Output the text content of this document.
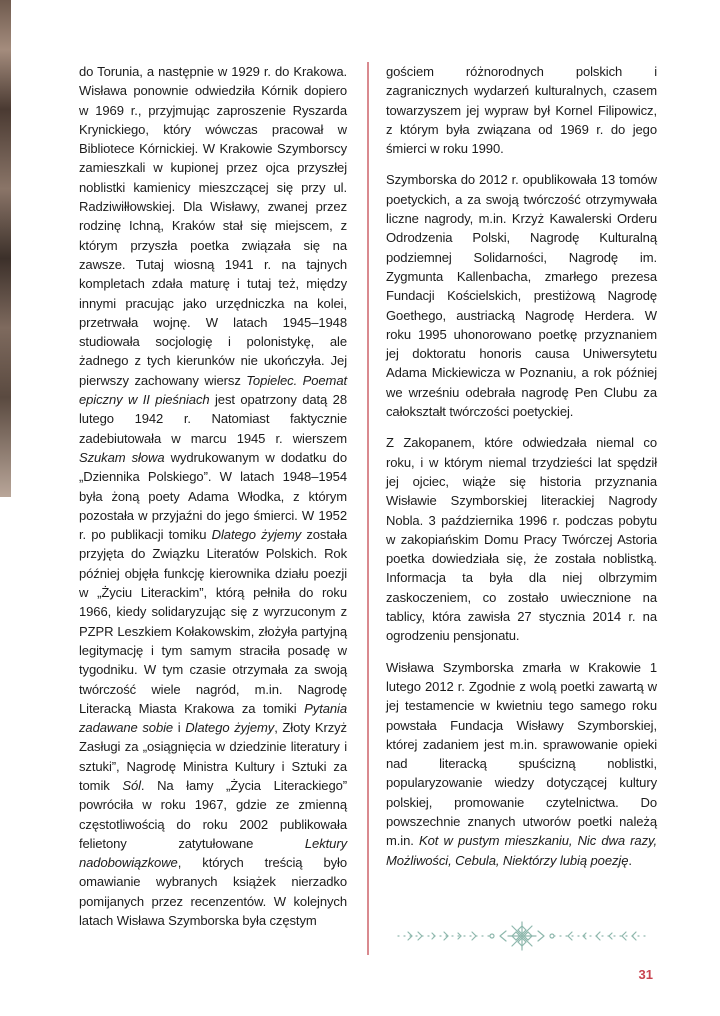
do Torunia, a następnie w 1929 r. do Krakowa. Wisława ponownie odwiedziła Kórnik dopiero w 1969 r., przyjmując zaproszenie Ryszarda Krynickiego, który wówczas pracował w Bibliotece Kórnickiej. W Krakowie Szymborscy zamieszkali w kupionej przez ojca przyszłej noblistki kamienicy mieszczącej się przy ul. Radziwiłłowskiej. Dla Wisławy, zwanej przez rodzinę Ichną, Kraków stał się miejscem, z którym przyszła poetka związała się na zawsze. Tutaj wiosną 1941 r. na tajnych kompletach zdała maturę i tutaj też, między innymi pracując jako urzędniczka na kolei, przetrwała wojnę. W latach 1945–1948 studiowała socjologię i polonistykę, ale żadnego z tych kierunków nie ukończyła. Jej pierwszy zachowany wiersz Topielec. Poemat epiczny w II pieśniach jest opatrzony datą 28 lutego 1942 r. Natomiast faktycznie zadebiutowała w marcu 1945 r. wierszem Szukam słowa wydrukowanym w dodatku do „Dziennika Polskiego”. W latach 1948–1954 była żoną poety Adama Włodka, z którym pozostała w przyjaźni do jego śmierci. W 1952 r. po publikacji tomiku Dlatego żyjemy została przyjęta do Związku Literatów Polskich. Rok później objęła funkcję kierownika działu poezji w „Życiu Literackim”, którą pełniła do roku 1966, kiedy solidaryzując się z wyrzuconym z PZPR Leszkiem Kołakowskim, złożyła partyjną legitymację i tym samym straciła posadę w tygodniku. W tym czasie otrzymała za swoją twórczość wiele nagród, m.in. Nagrodę Literacką Miasta Krakowa za tomiki Pytania zadawane sobie i Dlatego żyjemy, Złoty Krzyż Zasługi za „osiągnięcia w dziedzinie literatury i sztuki”, Nagrodę Ministra Kultury i Sztuki za tomik Sól. Na łamy „Życia Literackiego” powróciła w roku 1967, gdzie ze zmienną częstotliwością do roku 2002 publikowała felietony zatytułowane Lektury nadobowiązkowe, których treścią było omawianie wybranych książek nierzadko pomijanych przez recenzentów. W kolejnych latach Wisława Szymborska była częstym

gościem różnorodnych polskich i zagranicznych wydarzeń kulturalnych, czasem towarzyszem jej wypraw był Kornel Filipowicz, z którym była związana od 1969 r. do jego śmierci w roku 1990.

Szymborska do 2012 r. opublikowała 13 tomów poetyckich, a za swoją twórczość otrzymywała liczne nagrody, m.in. Krzyż Kawalerski Orderu Odrodzenia Polski, Nagrodę Kulturalną podziemnej Solidarności, Nagrodę im. Zygmunta Kallenbacha, zmarłego prezesa Fundacji Kościelskich, prestiżową Nagrodę Goethego, austriacką Nagrodę Herdera. W roku 1995 uhonorowano poetkę przyznaniem jej doktoratu honoris causa Uniwersytetu Adama Mickiewicza w Poznaniu, a rok później we wrześniu odebrała nagrodę Pen Clubu za całokształt twórczości poetyckiej.

Z Zakopanem, które odwiedzała niemal co roku, i w którym niemal trzydzieści lat spędził jej ojciec, wiąże się historia przyznania Wisławie Szymborskiej literackiej Nagrody Nobla. 3 października 1996 r. podczas pobytu w zakopiańskim Domu Pracy Twórczej Astoria poetka dowiedziała się, że została noblistką. Informacja ta była dla niej olbrzymim zaskoczeniem, co zostało uwiecznione na tablicy, która zawisła 27 stycznia 2014 r. na ogrodzeniu pensjonatu.

Wisława Szymborska zmarła w Krakowie 1 lutego 2012 r. Zgodnie z wolą poetki zawartą w jej testamencie w kwietniu tego samego roku powstała Fundacja Wisławy Szymborskiej, której zadaniem jest m.in. sprawowanie opieki nad literacką spuścizną noblistki, popularyzowanie wiedzy dotyczącej kultury polskiej, promowanie czytelnictwa. Do powszechnie znanych utworów poetki należą m.in. Kot w pustym mieszkaniu, Nic dwa razy, Możliwości, Cebula, Niektórzy lubią poezję.

31
